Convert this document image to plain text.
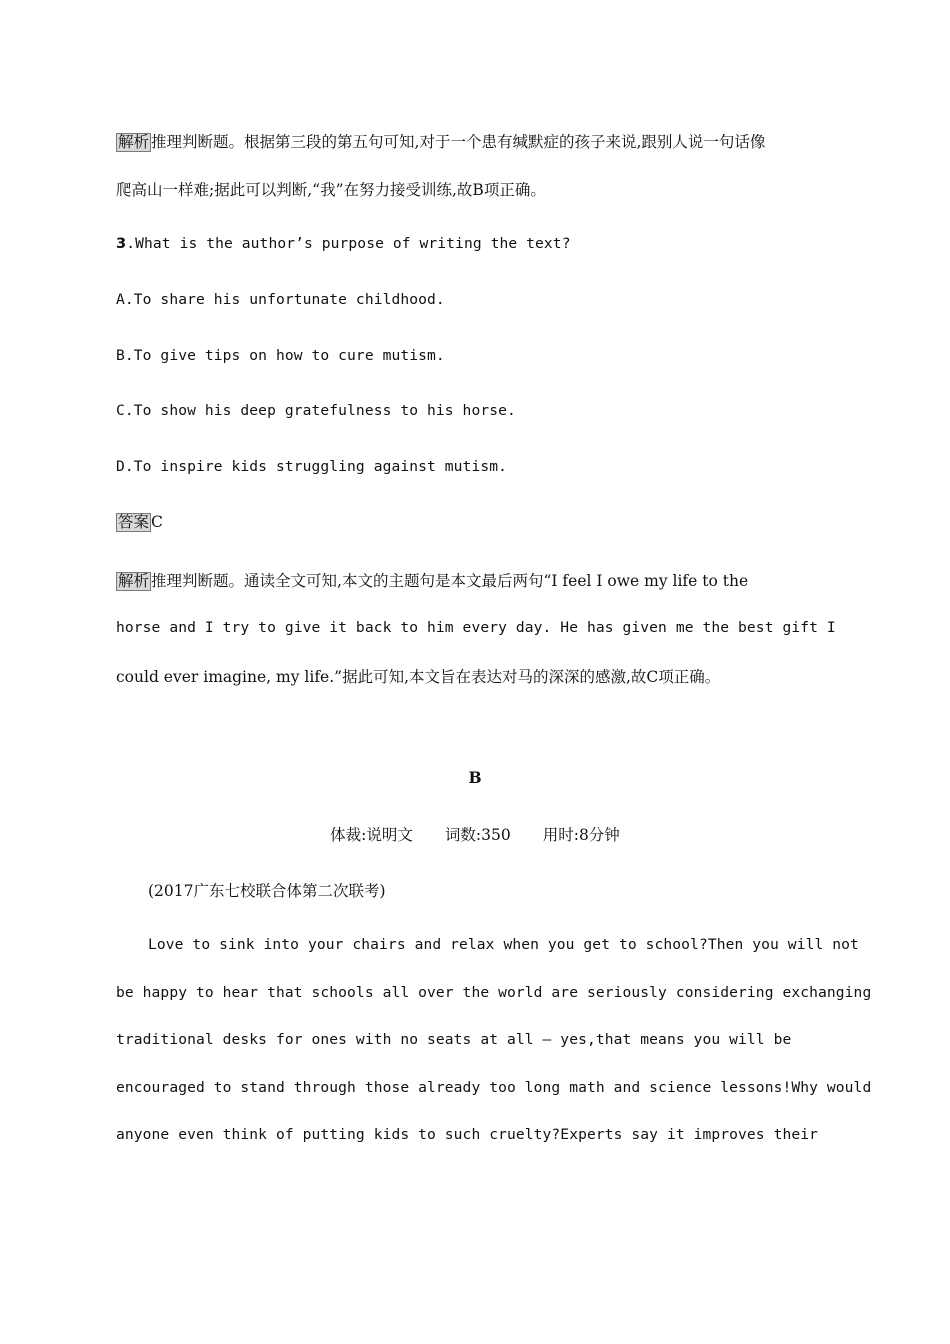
解析 推理判断题。根据第三段的第五句可知,对于一个患有缄默症的孩子来说,跟别人说一句话像
爬高山一样难;据此可以判断,“我”在努力接受训练,故B项正确。
3.What is the author’s purpose of writing the text?
A.To share his unfortunate childhood.
B.To give tips on how to cure mutism.
C.To show his deep gratefulness to his horse.
D.To inspire kids struggling against mutism.
答案 C
解析 推理判断题。通读全文可知,本文的主题句是本文最后两句“I feel I owe my life to the
horse and I try to give it back to him every day. He has given me the best gift I
could ever imagine, my life.”据此可知,本文旨在表达对马的深深的感激,故C项正确。
B
体裁:说明文 词数:350 用时:8分钟
(2017广东七校联合体第二次联考)
Love to sink into your chairs and relax when you get to school?Then you will not
be happy to hear that schools all over the world are seriously considering exchanging
traditional desks for ones with no seats at all — yes,that means you will be
encouraged to stand through those already too long math and science lessons!Why would
anyone even think of putting kids to such cruelty?Experts say it improves their
